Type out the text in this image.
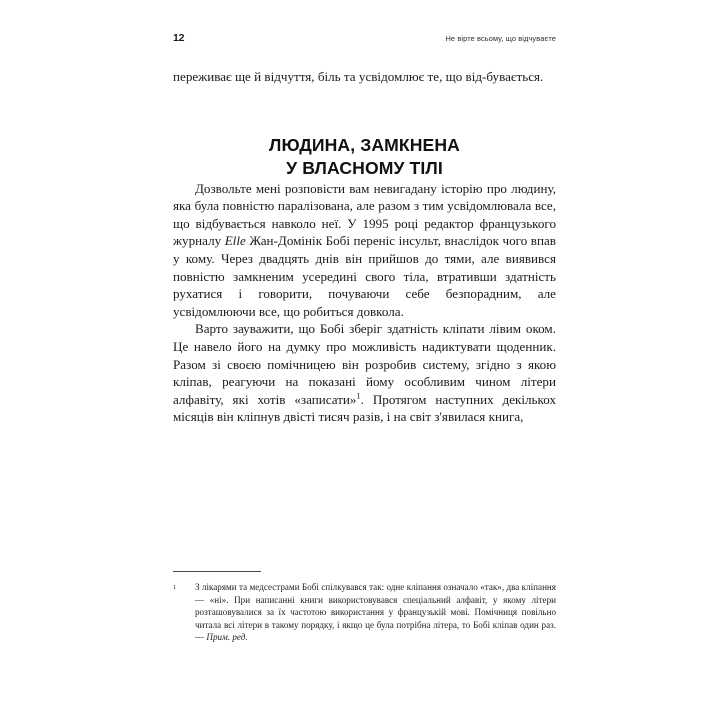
12	Не вірте всьому, що відчуваєте

переживає ще й відчуття, біль та усвідомлює те, що від-бувається.

ЛЮДИНА, ЗАМКНЕНА
У ВЛАСНОМУ ТІЛІ

Дозвольте мені розповісти вам невигадану історію про людину, яка була повністю паралізована, але разом з тим усвідомлювала все, що відбувається навколо неї. У 1995 році редактор французького журналу Elle Жан-Домінік Бобі переніс інсульт, внаслідок чого впав у кому. Через двадцять днів він прийшов до тями, але виявився повністю замкненим усередині свого тіла, втративши здатність рухатися і говорити, почуваючи себе безпорадним, але усвідомлюючи все, що робиться довкола.

Варто зауважити, що Бобі зберіг здатність кліпати лівим оком. Це навело його на думку про можливість надиктувати щоденник. Разом зі своєю помічницею він розробив систему, згідно з якою кліпав, реагуючи на показані йому особливим чином літери алфавіту, які хотів «записати»$^1$. Протягом наступних декількох місяців він кліпнув двісті тисяч разів, і на світ з'явилася книга,

1	З лікарями та медсестрами Бобі спілкувався так: одне кліпання означало «так», два кліпання — «ні». При написанні книги використовувався спеціальний алфавіт, у якому літери розташовувалися за їх частотою використання у французькій мові. Помічниця повільно читала всі літери в такому порядку, і якщо це була потрібна літера, то Бобі кліпав один раз. — Прим. ред.
